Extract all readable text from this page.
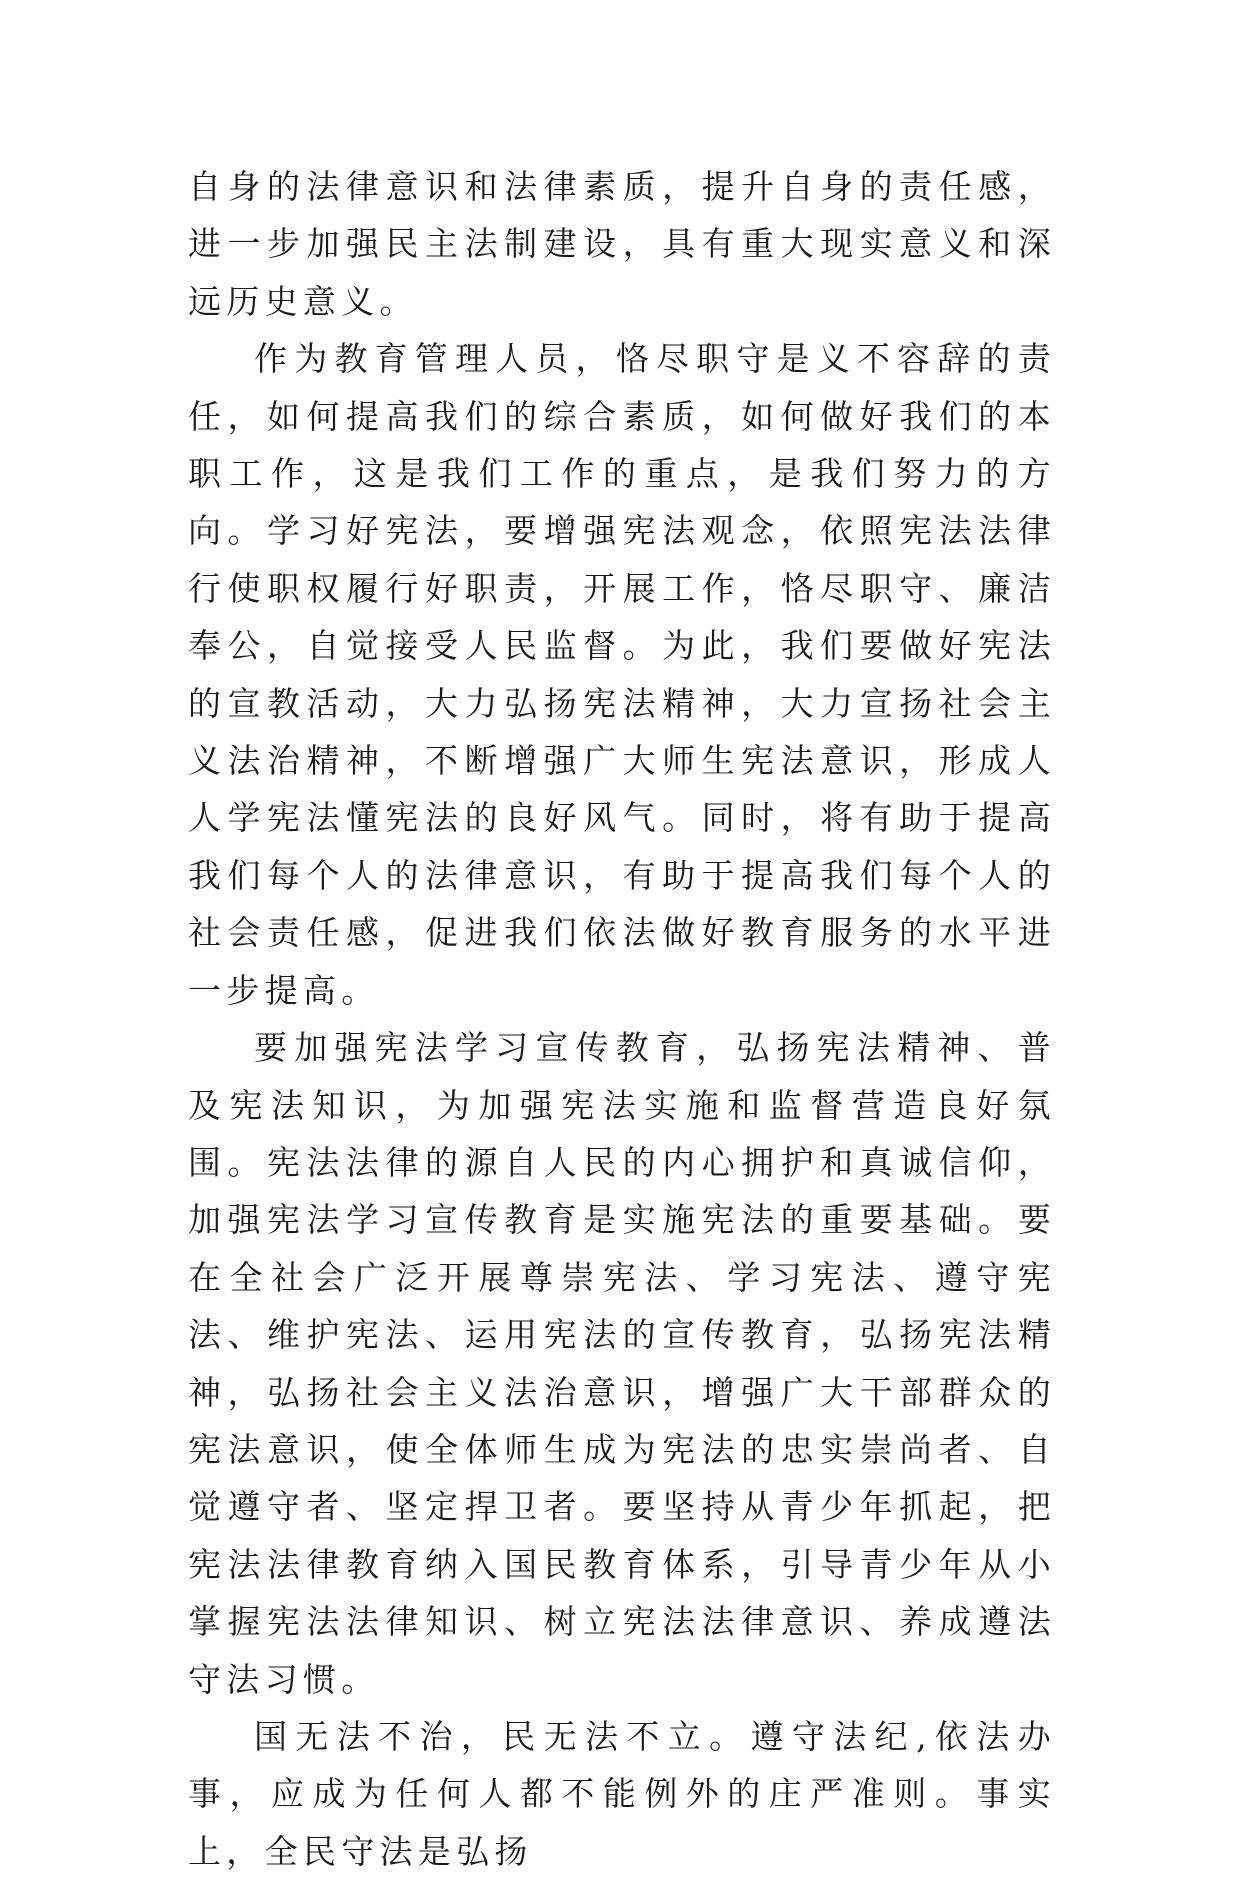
自身的法律意识和法律素质，提升自身的责任感，进一步加强民主法制建设，具有重大现实意义和深远历史意义。

作为教育管理人员，恪尽职守是义不容辞的责任，如何提高我们的综合素质，如何做好我们的本职工作，这是我们工作的重点，是我们努力的方向。学习好宪法，要增强宪法观念，依照宪法法律行使职权履行好职责，开展工作，恪尽职守、廉洁奉公，自觉接受人民监督。为此，我们要做好宪法的宣教活动，大力弘扬宪法精神，大力宣扬社会主义法治精神，不断增强广大师生宪法意识，形成人人学宪法懂宪法的良好风气。同时，将有助于提高我们每个人的法律意识，有助于提高我们每个人的社会责任感，促进我们依法做好教育服务的水平进一步提高。

要加强宪法学习宣传教育，弘扬宪法精神、普及宪法知识，为加强宪法实施和监督营造良好氛围。宪法法律的源自人民的内心拥护和真诚信仰，加强宪法学习宣传教育是实施宪法的重要基础。要在全社会广泛开展尊崇宪法、学习宪法、遵守宪法、维护宪法、运用宪法的宣传教育，弘扬宪法精神，弘扬社会主义法治意识，增强广大干部群众的宪法意识，使全体师生成为宪法的忠实崇尚者、自觉遵守者、坚定捍卫者。要坚持从青少年抓起，把宪法法律教育纳入国民教育体系，引导青少年从小掌握宪法法律知识、树立宪法法律意识、养成遵法守法习惯。

国无法不治，民无法不立。遵守法纪,依法办事，应成为任何人都不能例外的庄严准则。事实上，全民守法是弘扬
